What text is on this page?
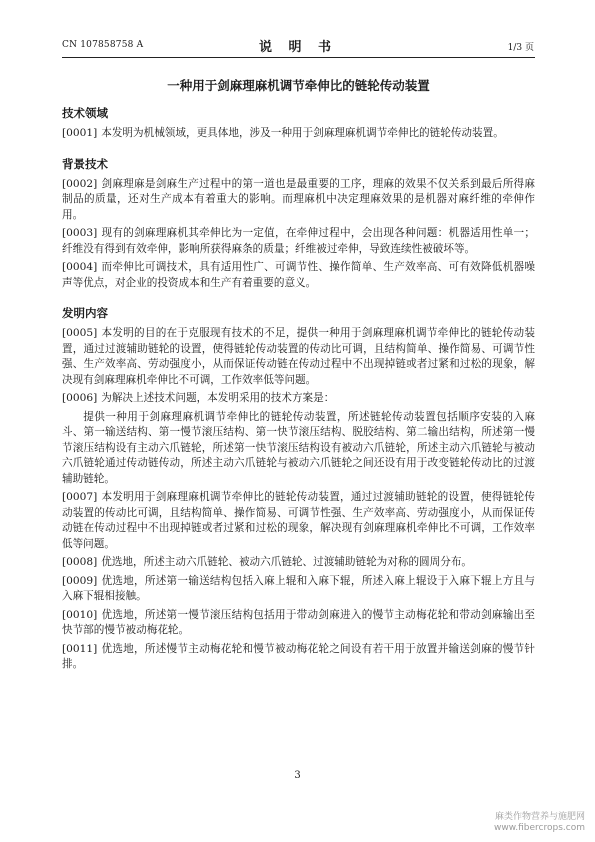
CN 107858758 A	说 明 书	1/3 页
一种用于剑麻理麻机调节牵伸比的链轮传动装置
技术领域

[0001] 本发明为机械领域，更具体地，涉及一种用于剑麻理麻机调节牵伸比的链轮传动装置。

背景技术

[0002] 剑麻理麻是剑麻生产过程中的第一道也是最重要的工序，理麻的效果不仅关系到最后所得麻制品的质量，还对生产成本有着重大的影响。而理麻机中决定理麻效果的是机器对麻纤维的牵伸作用。

[0003] 现有的剑麻理麻机其牵伸比为一定值，在牵伸过程中，会出现各种问题：机器适用性单一；纤维没有得到有效牵伸，影响所获得麻条的质量；纤维被过牵伸，导致连续性被破坏等。

[0004] 而牵伸比可调技术，具有适用性广、可调节性、操作简单、生产效率高、可有效降低机器噪声等优点，对企业的投资成本和生产有着重要的意义。

发明内容

[0005] 本发明的目的在于克服现有技术的不足，提供一种用于剑麻理麻机调节牵伸比的链轮传动装置，通过过渡辅助链轮的设置，使得链轮传动装置的传动比可调，且结构简单、操作简易、可调节性强、生产效率高、劳动强度小，从而保证传动链在传动过程中不出现掉链或者过紧和过松的现象，解决现有剑麻理麻机牵伸比不可调，工作效率低等问题。

[0006] 为解决上述技术问题，本发明采用的技术方案是：

提供一种用于剑麻理麻机调节牵伸比的链轮传动装置，所述链轮传动装置包括顺序安装的入麻斗、第一输送结构、第一慢节滚压结构、第一快节滚压结构、脱胶结构、第二输出结构，所述第一慢节滚压结构设有主动六爪链轮，所述第一快节滚压结构设有被动六爪链轮，所述主动六爪链轮与被动六爪链轮通过传动链传动，所述主动六爪链轮与被动六爪链轮之间还设有用于改变链轮传动比的过渡辅助链轮。

[0007] 本发明用于剑麻理麻机调节牵伸比的链轮传动装置，通过过渡辅助链轮的设置，使得链轮传动装置的传动比可调，且结构简单、操作简易、可调节性强、生产效率高、劳动强度小，从而保证传动链在传动过程中不出现掉链或者过紧和过松的现象，解决现有剑麻理麻机牵伸比不可调，工作效率低等问题。

[0008] 优选地，所述主动六爪链轮、被动六爪链轮、过渡辅助链轮为对称的圆周分布。

[0009] 优选地，所述第一输送结构包括入麻上辊和入麻下辊，所述入麻上辊设于入麻下辊上方且与入麻下辊相接触。

[0010] 优选地，所述第一慢节滚压结构包括用于带动剑麻进入的慢节主动梅花轮和带动剑麻输出至快节部的慢节被动梅花轮。

[0011] 优选地，所述慢节主动梅花轮和慢节被动梅花轮之间设有若干用于放置并输送剑麻的慢节针排。

3
麻类作物营养与施肥网
www.fibercrops.com
